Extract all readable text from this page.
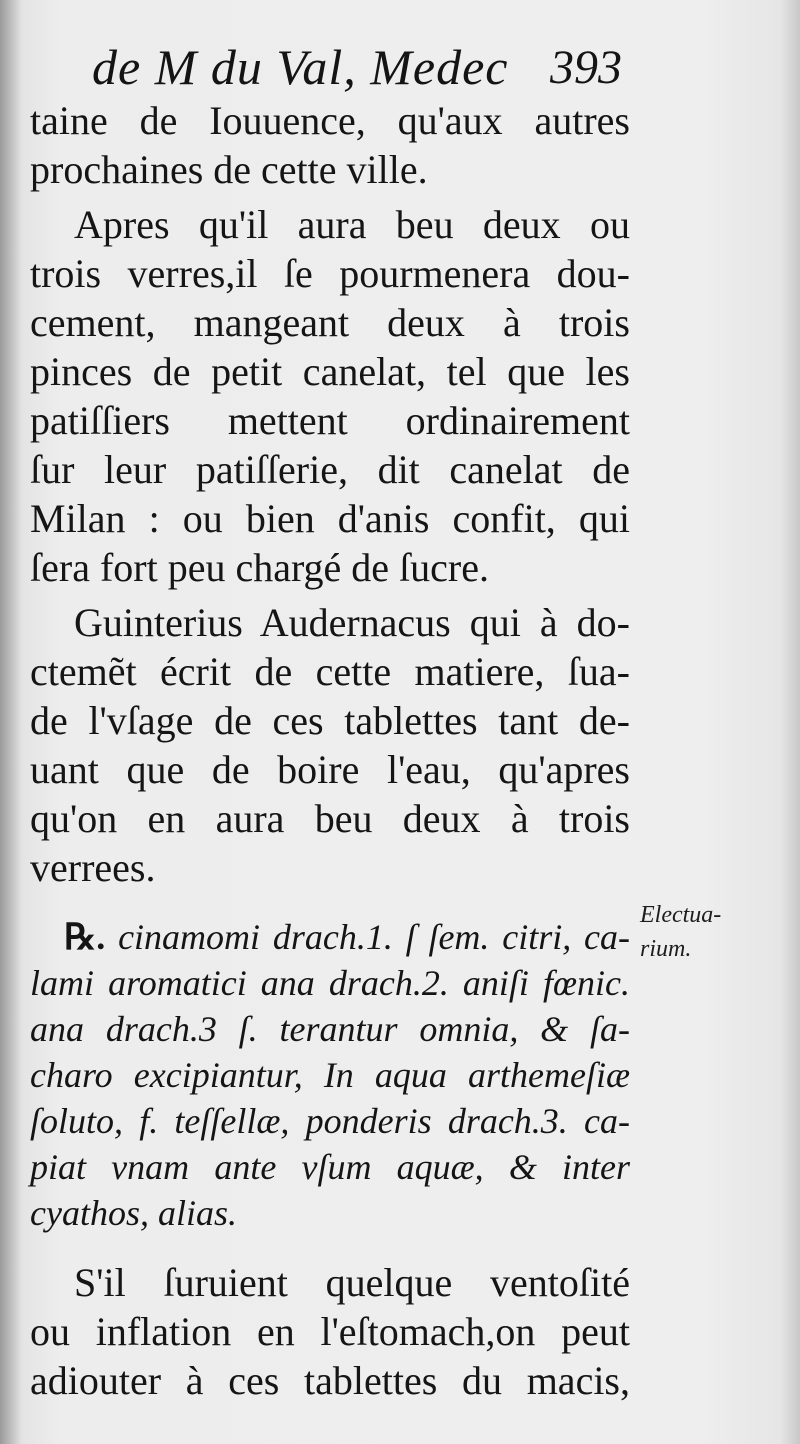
de M du Val, Medec 393
taine de Iouuence, qu'aux autres
prochaines de cette ville.
Apres qu'il aura beu deux ou
trois verres,il ſe pourmenera dou-
cement, mangeant deux à trois
pinces de petit canelat, tel que les
patiſſiers mettent ordinairement
ſur leur patiſſerie, dit canelat de
Milan : ou bien d'anis confit, qui
ſera fort peu chargé de ſucre.
Guinterius Audernacus qui à do-
ctemẽt écrit de cette matiere, ſua-
de l'vſage de ces tablettes tant de-
uant que de boire l'eau, qu'apres
qu'on en aura beu deux à trois
verrees.
℞. cinamomi drach.1. ſ ſem. citri, ca-
lami aromatici ana drach.2. aniſi fœnic.
ana drach.3 ſ. terantur omnia, & ſa-
charo excipiantur, In aqua arthemeſiæ
ſoluto, f. teſſellæ, ponderis drach.3. ca-
piat vnam ante vſum aquæ, & inter
cyathos, alias.
S'il ſuruient quelque ventoſité
ou inflation en l'eſtomach,on peut
adiouter à ces tablettes du macis,
Electua-
rium.
